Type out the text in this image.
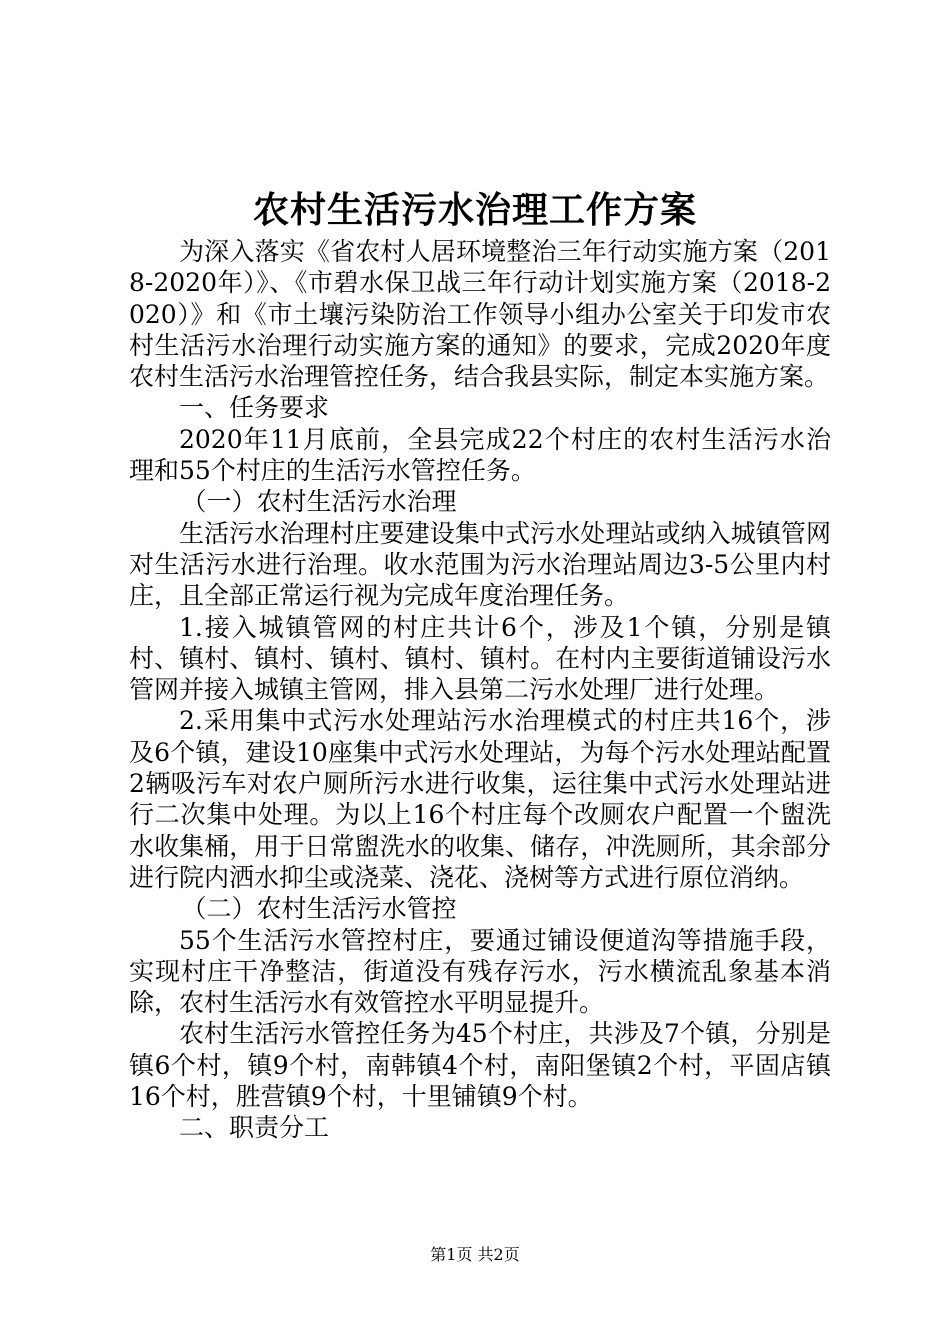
农村生活污水治理工作方案

为深入落实《省农村人居环境整治三年行动实施方案（2018-2020年）》、《市碧水保卫战三年行动计划实施方案（2018-2020）》和《市土壤污染防治工作领导小组办公室关于印发市农村生活污水治理行动实施方案的通知》的要求，完成2020年度农村生活污水治理管控任务，结合我县实际，制定本实施方案。

一、任务要求

2020年11月底前，全县完成22个村庄的农村生活污水治理和55个村庄的生活污水管控任务。

（一）农村生活污水治理

生活污水治理村庄要建设集中式污水处理站或纳入城镇管网对生活污水进行治理。收水范围为污水治理站周边3-5公里内村庄，且全部正常运行视为完成年度治理任务。

1.接入城镇管网的村庄共计6个，涉及1个镇，分别是镇村、镇村、镇村、镇村、镇村、镇村。在村内主要街道铺设污水管网并接入城镇主管网，排入县第二污水处理厂进行处理。

2.采用集中式污水处理站污水治理模式的村庄共16个，涉及6个镇，建设10座集中式污水处理站，为每个污水处理站配置2辆吸污车对农户厕所污水进行收集，运往集中式污水处理站进行二次集中处理。为以上16个村庄每个改厕农户配置一个盥洗水收集桶，用于日常盥洗水的收集、储存，冲洗厕所，其余部分进行院内洒水抑尘或浇菜、浇花、浇树等方式进行原位消纳。

（二）农村生活污水管控

55个生活污水管控村庄，要通过铺设便道沟等措施手段，实现村庄干净整洁，街道没有残存污水，污水横流乱象基本消除，农村生活污水有效管控水平明显提升。

农村生活污水管控任务为45个村庄，共涉及7个镇，分别是镇6个村，镇9个村，南韩镇4个村，南阳堡镇2个村，平固店镇16个村，胜营镇9个村，十里铺镇9个村。

二、职责分工

第1页 共2页
